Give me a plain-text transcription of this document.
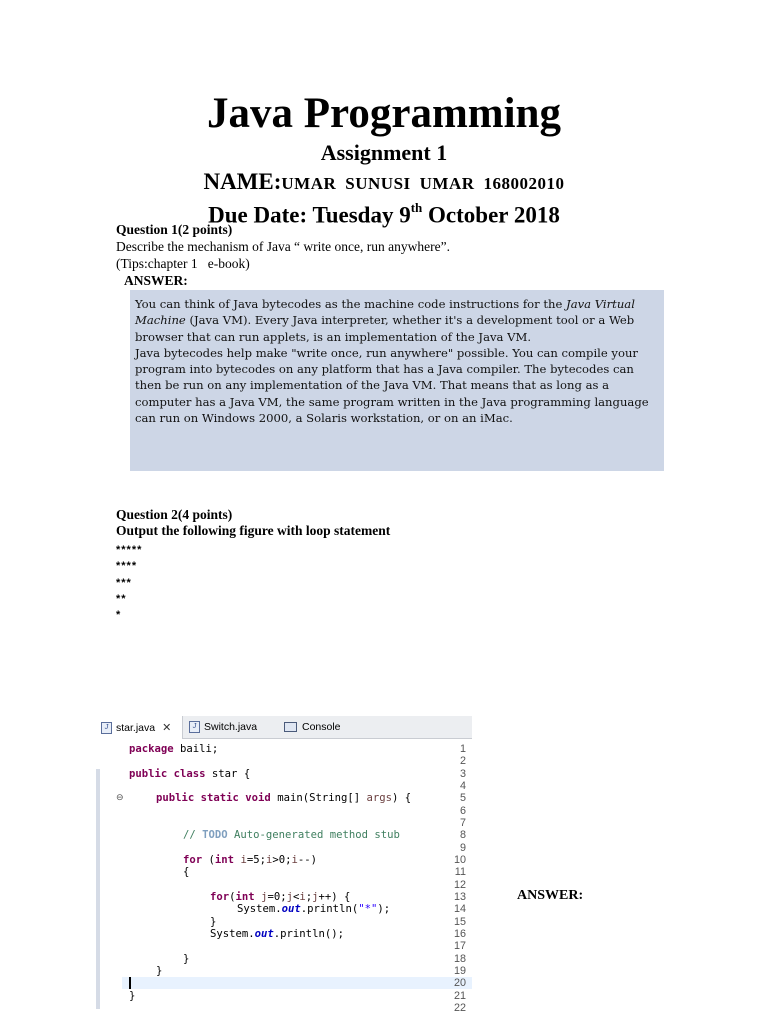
Java Programming
Assignment 1
NAME:UMAR SUNUSI UMAR 168002010
Due Date: Tuesday 9th October 2018
Question 1(2 points)
Describe the mechanism of Java “ write once, run anywhere”.
(Tips:chapter 1   e-book)
ANSWER:

You can think of Java bytecodes as the machine code instructions for the Java Virtual Machine (Java VM). Every Java interpreter, whether it's a development tool or a Web browser that can run applets, is an implementation of the Java VM.

Java bytecodes help make "write once, run anywhere" possible. You can compile your program into bytecodes on any platform that has a Java compiler. The bytecodes can then be run on any implementation of the Java VM. That means that as long as a computer has a Java VM, the same program written in the Java programming language can run on Windows 2000, a Solaris workstation, or on an iMac.

Question 2(4 points)
Output the following figure with loop statement
*****
****
***
**
*
J star.java ✕	J Switch.java	Console
1
2
3
4
5
⊖
6
7
8
9
10
11
12
13
14
15
16
17
18
19
20
21
22
package baili;
public class star {
public static void main(String[] args) {
// TODO Auto-generated method stub
for (int i=5;i>0;i--)
{
for(int j=0;j<i;j++) {
System.out.println("*");
}
System.out.println();
}
}
}
ANSWER:
